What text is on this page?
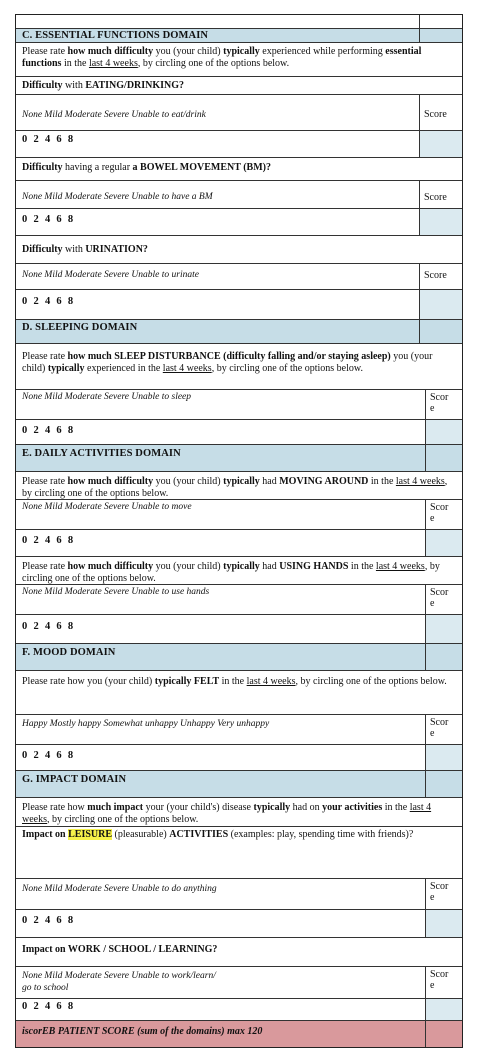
C. ESSENTIAL FUNCTIONS DOMAIN
Please rate how much difficulty you (your child) typically experienced while performing essential functions in the last 4 weeks, by circling one of the options below.
Difficulty with EATING/DRINKING?
None Mild Moderate Severe Unable to eat/drink	Score
0 2 4 6 8
Difficulty having a regular a BOWEL MOVEMENT (BM)?
None Mild Moderate Severe Unable to have a BM	Score
0 2 4 6 8
Difficulty with URINATION?
None Mild Moderate Severe Unable to urinate	Score
0 2 4 6 8
D. SLEEPING DOMAIN
Please rate how much SLEEP DISTURBANCE (difficulty falling and/or staying asleep) you (your child) typically experienced in the last 4 weeks, by circling one of the options below.
None Mild Moderate Severe Unable to sleep	Scor
e
0 2 4 6 8
E. DAILY ACTIVITIES DOMAIN
Please rate how much difficulty you (your child) typically had MOVING AROUND in the last 4 weeks, by circling one of the options below.
None Mild Moderate Severe Unable to move	Scor
e
0 2 4 6 8
Please rate how much difficulty you (your child) typically had USING HANDS in the last 4 weeks, by circling one of the options below.
None Mild Moderate Severe Unable to use hands	Scor
e
0 2 4 6 8
F. MOOD DOMAIN
Please rate how you (your child) typically FELT in the last 4 weeks, by circling one of the options below.
Happy Mostly happy Somewhat unhappy Unhappy Very unhappy	Scor
e
0 2 4 6 8
G. IMPACT DOMAIN
Please rate how much impact your (your child's) disease typically had on your activities in the last 4 weeks, by circling one of the options below.
Impact on LEISURE (pleasurable) ACTIVITIES (examples: play, spending time with friends)?
None Mild Moderate Severe Unable to do anything	Scor
e
0 2 4 6 8
Impact on WORK / SCHOOL / LEARNING?
None Mild Moderate Severe Unable to work/learn/
go to school
Scor
e
0 2 4 6 8
iscorEB PATIENT SCORE (sum of the domains) max 120
